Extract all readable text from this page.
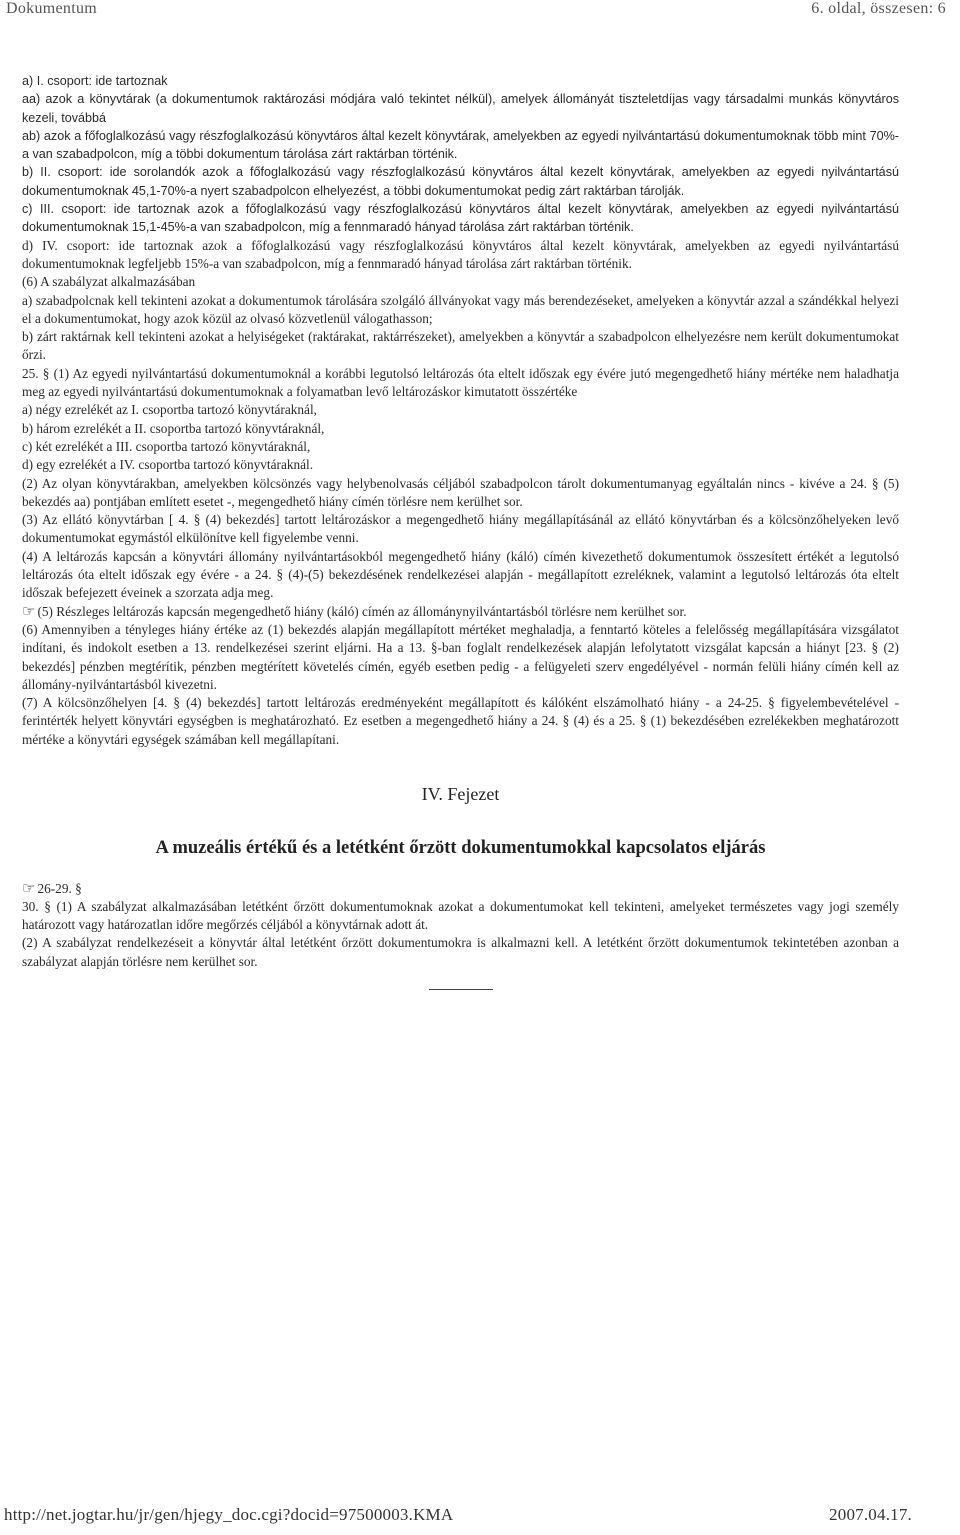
Dokumentum	6. oldal, összesen: 6

a) I. csoport: ide tartoznak

aa) azok a könyvtárak (a dokumentumok raktározási módjára való tekintet nélkül), amelyek állományát tiszteletdíjas vagy társadalmi munkás könyvtáros kezeli, továbbá

ab) azok a főfoglalkozású vagy részfoglalkozású könyvtáros által kezelt könyvtárak, amelyekben az egyedi nyilvántartású dokumentumoknak több mint 70%-a van szabadpolcon, míg a többi dokumentum tárolása zárt raktárban történik.

b) II. csoport: ide sorolandók azok a főfoglalkozású vagy részfoglalkozású könyvtáros által kezelt könyvtárak, amelyekben az egyedi nyilvántartású dokumentumoknak 45,1-70%-a nyert szabadpolcon elhelyezést, a többi dokumentumokat pedig zárt raktárban tárolják.

c) III. csoport: ide tartoznak azok a főfoglalkozású vagy részfoglalkozású könyvtáros által kezelt könyvtárak, amelyekben az egyedi nyilvántartású dokumentumoknak 15,1-45%-a van szabadpolcon, míg a fennmaradó hányad tárolása zárt raktárban történik.

d) IV. csoport: ide tartoznak azok a főfoglalkozású vagy részfoglalkozású könyvtáros által kezelt könyvtárak, amelyekben az egyedi nyilvántartású dokumentumoknak legfeljebb 15%-a van szabadpolcon, míg a fennmaradó hányad tárolása zárt raktárban történik.

(6) A szabályzat alkalmazásában

a) szabadpolcnak kell tekinteni azokat a dokumentumok tárolására szolgáló állványokat vagy más berendezéseket, amelyeken a könyvtár azzal a szándékkal helyezi el a dokumentumokat, hogy azok közül az olvasó közvetlenül válogathasson;

b) zárt raktárnak kell tekinteni azokat a helyiségeket (raktárakat, raktárrészeket), amelyekben a könyvtár a szabadpolcon elhelyezésre nem került dokumentumokat őrzi.

25. § (1) Az egyedi nyilvántartású dokumentumoknál a korábbi legutolsó leltározás óta eltelt időszak egy évére jutó megengedhető hiány mértéke nem haladhatja meg az egyedi nyilvántartású dokumentumoknak a folyamatban levő leltározáskor kimutatott összértéke

a) négy ezrelékét az I. csoportba tartozó könyvtáraknál,

b) három ezrelékét a II. csoportba tartozó könyvtáraknál,

c) két ezrelékét a III. csoportba tartozó könyvtáraknál,

d) egy ezrelékét a IV. csoportba tartozó könyvtáraknál.

(2) Az olyan könyvtárakban, amelyekben kölcsönzés vagy helybenolvasás céljából szabadpolcon tárolt dokumentumanyag egyáltalán nincs - kivéve a 24. § (5) bekezdés aa) pontjában említett esetet -, megengedhető hiány címén törlésre nem kerülhet sor.

(3) Az ellátó könyvtárban [ 4. § (4) bekezdés] tartott leltározáskor a megengedhető hiány megállapításánál az ellátó könyvtárban és a kölcsönzőhelyeken levő dokumentumokat egymástól elkülönítve kell figyelembe venni.

(4) A leltározás kapcsán a könyvtári állomány nyilvántartásokból megengedhető hiány (káló) címén kivezethető dokumentumok összesített értékét a legutolsó leltározás óta eltelt időszak egy évére - a 24. § (4)-(5) bekezdésének rendelkezései alapján - megállapított ezreléknek, valamint a legutolsó leltározás óta eltelt időszak befejezett éveinek a szorzata adja meg.

☞ (5) Részleges leltározás kapcsán megengedhető hiány (káló) címén az állománynyilvántartásból törlésre nem kerülhet sor.

(6) Amennyiben a tényleges hiány értéke az (1) bekezdés alapján megállapított mértéket meghaladja, a fenntartó köteles a felelősség megállapítására vizsgálatot indítani, és indokolt esetben a 13. rendelkezései szerint eljárni. Ha a 13. §-ban foglalt rendelkezések alapján lefolytatott vizsgálat kapcsán a hiányt [23. § (2) bekezdés] pénzben megtérítik, pénzben megtérített követelés címén, egyéb esetben pedig - a felügyeleti szerv engedélyével - normán felüli hiány címén kell az állomány-nyilvántartásból kivezetni.

(7) A kölcsönzőhelyen [4. § (4) bekezdés] tartott leltározás eredményeként megállapított és kálóként elszámolható hiány - a 24-25. § figyelembevételével - ferintérték helyett könyvtári egységben is meghatározható. Ez esetben a megengedhető hiány a 24. § (4) és a 25. § (1) bekezdésében ezrelékekben meghatározott mértéke a könyvtári egységek számában kell megállapítani.

IV. Fejezet
A muzeális értékű és a letétként őrzött dokumentumokkal kapcsolatos eljárás

☞ 26-29. §

30. § (1) A szabályzat alkalmazásában letétként őrzött dokumentumoknak azokat a dokumentumokat kell tekinteni, amelyeket természetes vagy jogi személy határozott vagy határozatlan időre megőrzés céljából a könyvtárnak adott át.

(2) A szabályzat rendelkezéseit a könyvtár által letétként őrzött dokumentumokra is alkalmazni kell. A letétként őrzött dokumentumok tekintetében azonban a szabályzat alapján törlésre nem kerülhet sor.

http://net.jogtar.hu/jr/gen/hjegy_doc.cgi?docid=97500003.KMA	2007.04.17.
